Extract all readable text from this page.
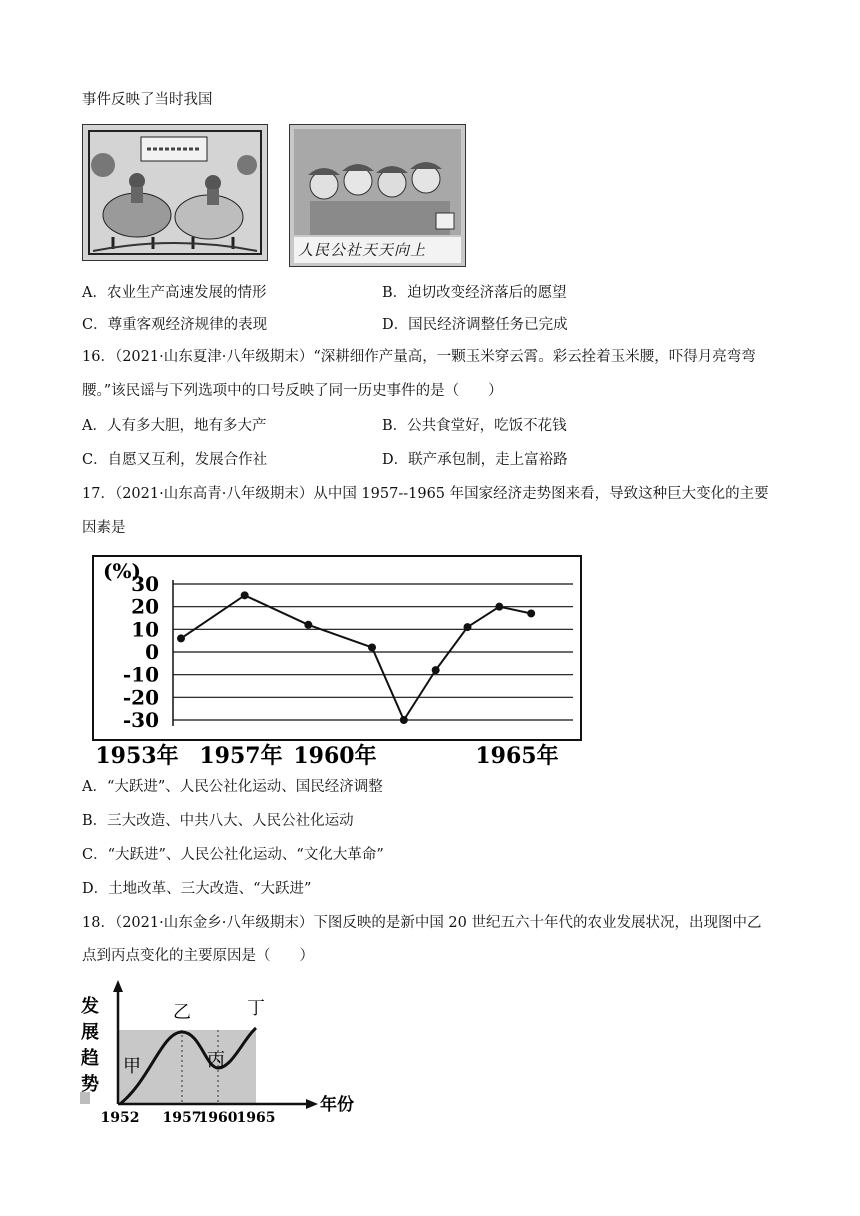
事件反映了当时我国
人民公社天天向上
A．农业生产高速发展的情形	B．迫切改变经济落后的愿望
C．尊重客观经济规律的表现	D．国民经济调整任务已完成
16．（2021·山东夏津·八年级期末）“深耕细作产量高，一颗玉米穿云霄。彩云拴着玉米腰，吓得月亮弯弯
腰。”该民谣与下列选项中的口号反映了同一历史事件的是（　　）
A．人有多大胆，地有多大产	B．公共食堂好，吃饭不花钱
C．自愿又互利，发展合作社	D．联产承包制，走上富裕路
17．（2021·山东高青·八年级期末）从中国 1957--1965 年国家经济走势图来看，导致这种巨大变化的主要
因素是
(%)
30
20
10
0
-10
-20
-30
1953年 1957年 1960年	1965年
A．“大跃进”、人民公社化运动、国民经济调整
B．三大改造、中共八大、人民公社化运动
C．“大跃进”、人民公社化运动、“文化大革命”
D．土地改革、三大改造、“大跃进”
18．（2021·山东金乡·八年级期末）下图反映的是新中国 20 世纪五六十年代的农业发展状况，出现图中乙
点到丙点变化的主要原因是（　　）
发
展
趋
势
年份
甲
乙
丙
丁
1952 1957
1960 1965
